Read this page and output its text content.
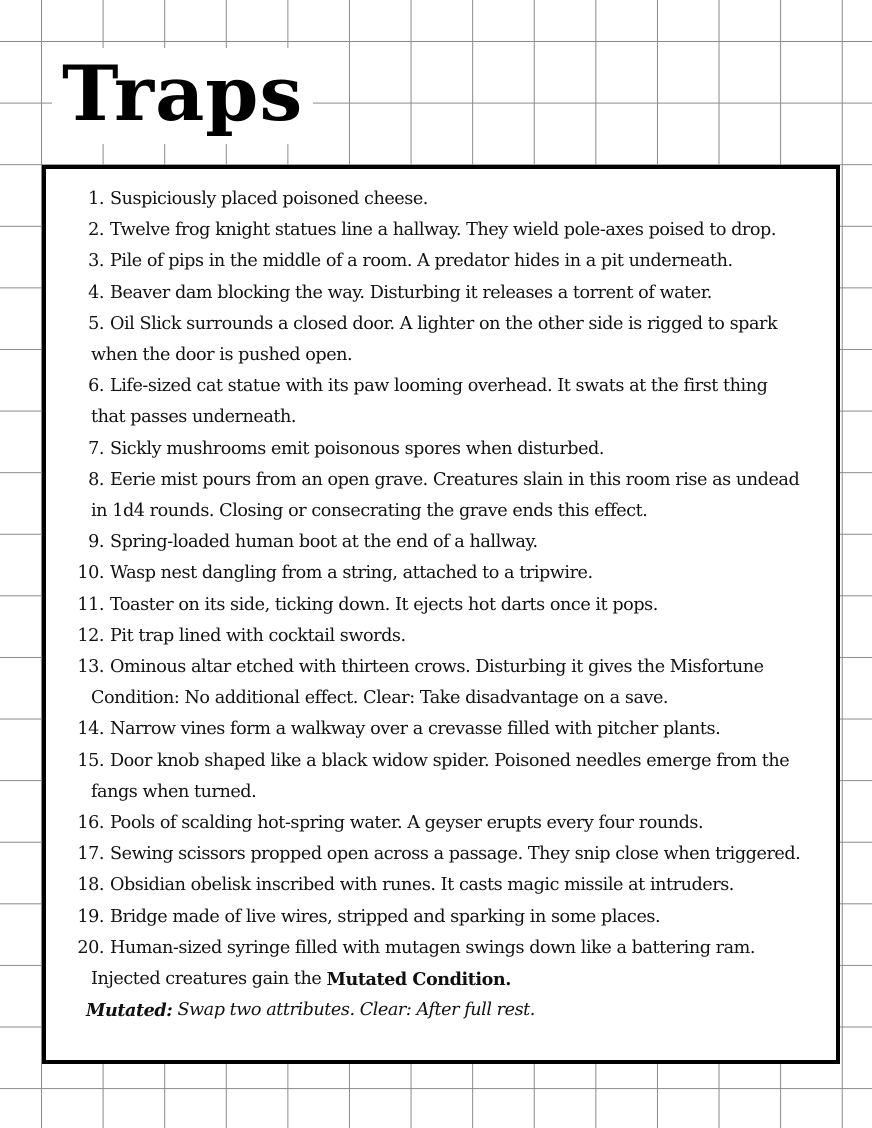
Traps
1. Suspiciously placed poisoned cheese.
2. Twelve frog knight statues line a hallway. They wield pole-axes poised to drop.
3. Pile of pips in the middle of a room. A predator hides in a pit underneath.
4. Beaver dam blocking the way. Disturbing it releases a torrent of water.
5. Oil Slick surrounds a closed door. A lighter on the other side is rigged to spark
when the door is pushed open.
6. Life-sized cat statue with its paw looming overhead. It swats at the first thing
that passes underneath.
7. Sickly mushrooms emit poisonous spores when disturbed.
8. Eerie mist pours from an open grave. Creatures slain in this room rise as undead
in 1d4 rounds. Closing or consecrating the grave ends this effect.
9. Spring-loaded human boot at the end of a hallway.
10. Wasp nest dangling from a string, attached to a tripwire.
11. Toaster on its side, ticking down. It ejects hot darts once it pops.
12. Pit trap lined with cocktail swords.
13. Ominous altar etched with thirteen crows. Disturbing it gives the Misfortune
Condition: No additional effect. Clear: Take disadvantage on a save.
14. Narrow vines form a walkway over a crevasse filled with pitcher plants.
15. Door knob shaped like a black widow spider. Poisoned needles emerge from the
fangs when turned.
16. Pools of scalding hot-spring water. A geyser erupts every four rounds.
17. Sewing scissors propped open across a passage. They snip close when triggered.
18. Obsidian obelisk inscribed with runes. It casts magic missile at intruders.
19. Bridge made of live wires, stripped and sparking in some places.
20. Human-sized syringe filled with mutagen swings down like a battering ram.
Injected creatures gain the
Mutated Condition.
Mutated:
Swap two attributes. Clear: After full rest.
